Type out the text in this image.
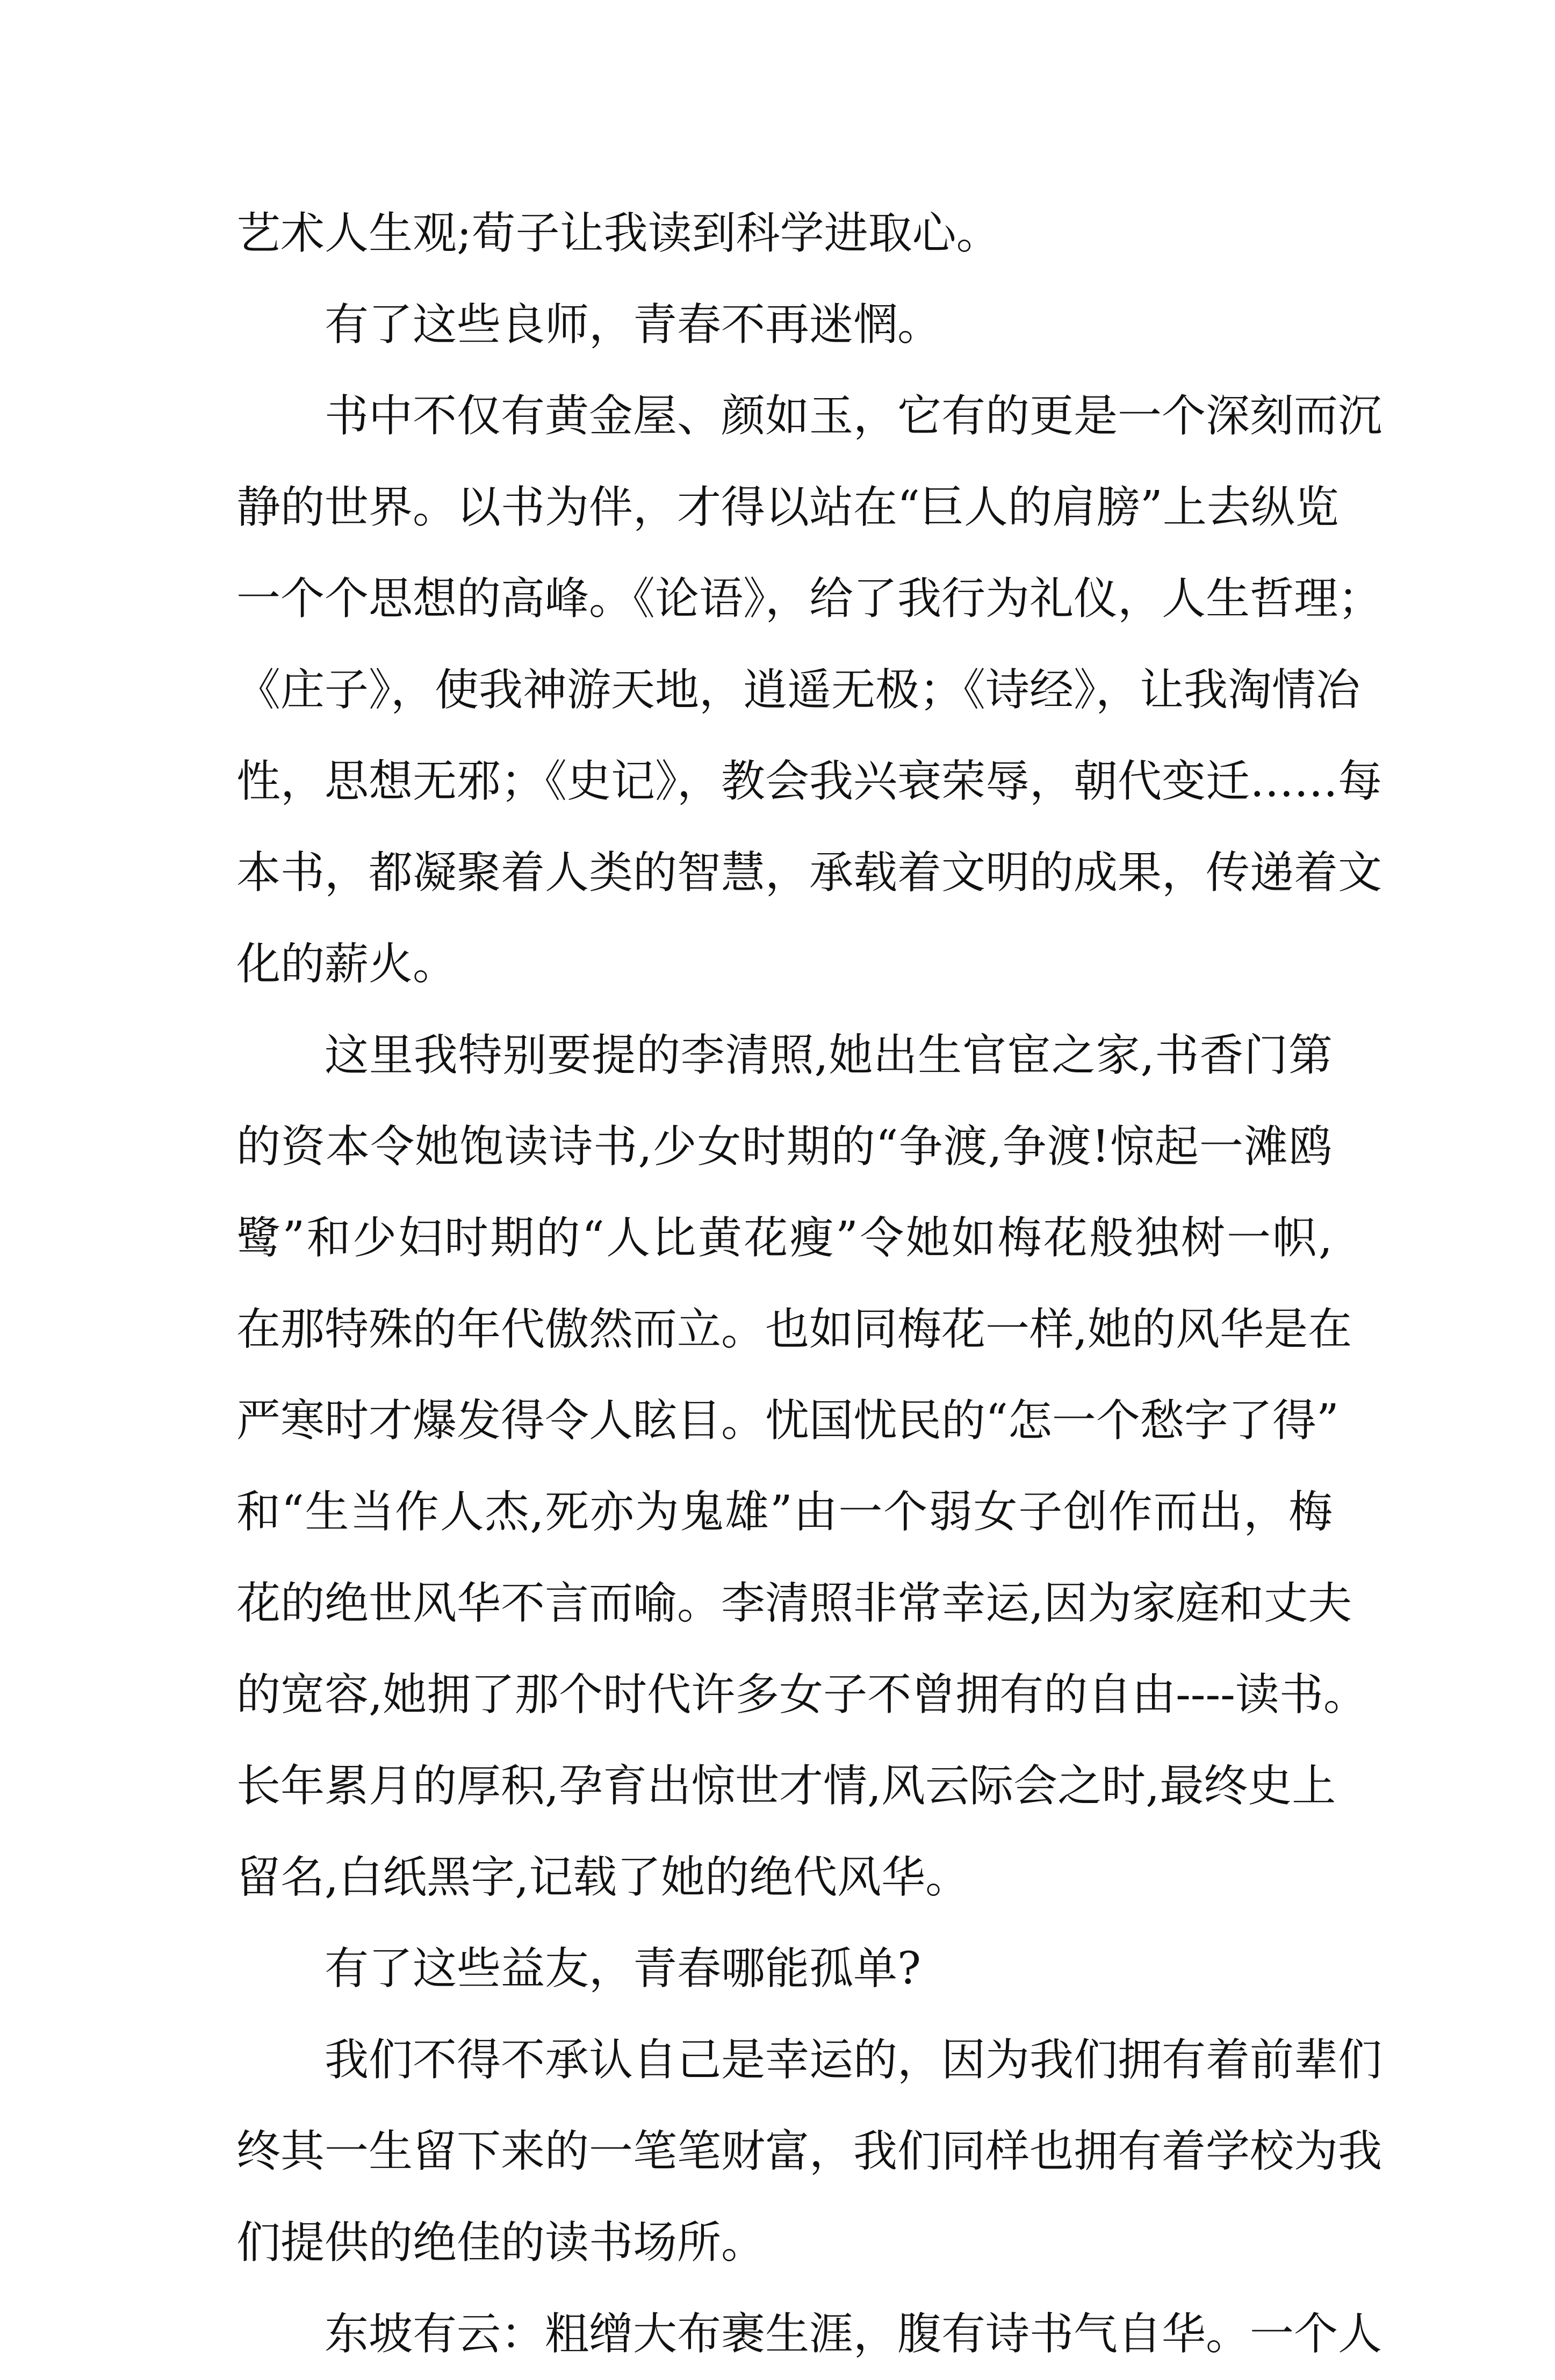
艺术人生观;荀子让我读到科学进取心。
有了这些良师，青春不再迷惘。
书中不仅有黄金屋、颜如玉，它有的更是一个深刻而沉
静的世界。以书为伴，才得以站在“巨人的肩膀”上去纵览
一个个思想的高峰。《论语》，给了我行为礼仪，人生哲理；
《庄子》，使我神游天地，逍遥无极；《诗经》，让我淘情冶
性，思想无邪；《史记》，教会我兴衰荣辱，朝代变迁……每
本书，都凝聚着人类的智慧，承载着文明的成果，传递着文
化的薪火。
这里我特别要提的李清照,她出生官宦之家,书香门第
的资本令她饱读诗书,少女时期的“争渡,争渡!惊起一滩鸥
鹭”和少妇时期的“人比黄花瘦”令她如梅花般独树一帜,
在那特殊的年代傲然而立。也如同梅花一样,她的风华是在
严寒时才爆发得令人眩目。忧国忧民的“怎一个愁字了得”
和“生当作人杰,死亦为鬼雄”由一个弱女子创作而出，梅
花的绝世风华不言而喻。李清照非常幸运,因为家庭和丈夫
的宽容,她拥了那个时代许多女子不曾拥有的自由----读书。
长年累月的厚积,孕育出惊世才情,风云际会之时,最终史上
留名,白纸黑字,记载了她的绝代风华。
有了这些益友，青春哪能孤单?
我们不得不承认自己是幸运的，因为我们拥有着前辈们
终其一生留下来的一笔笔财富，我们同样也拥有着学校为我
们提供的绝佳的读书场所。
东坡有云：粗缯大布裹生涯，腹有诗书气自华。一个人
